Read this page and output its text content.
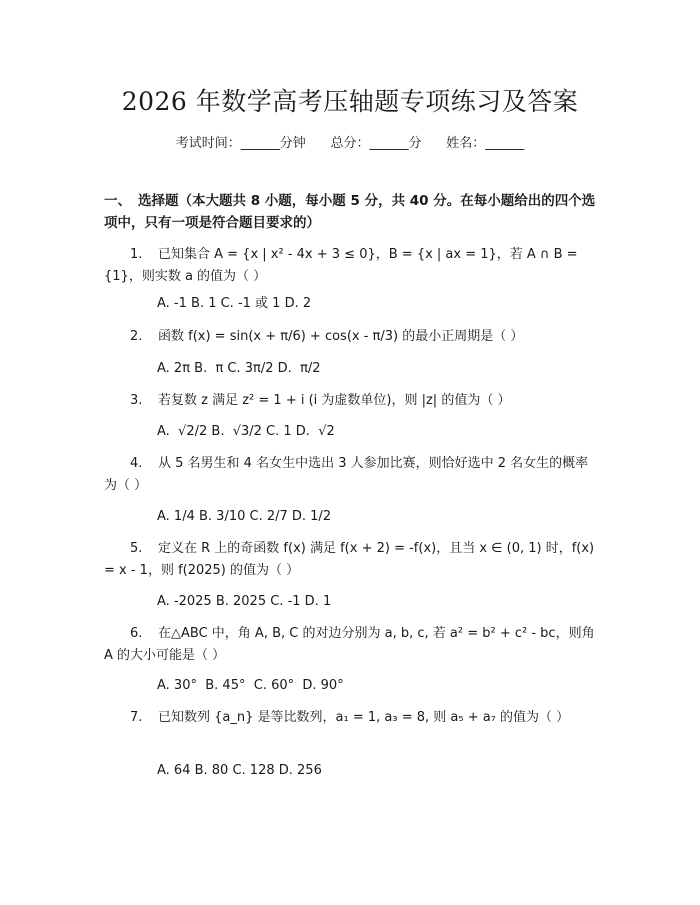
2026 年数学高考压轴题专项练习及答案
考试时间：______分钟      总分：______分      姓名：______
一、 选择题（本大题共 8 小题，每小题 5 分，共 40 分。在每小题给出的四个选项中，只有一项是符合题目要求的）
1. 已知集合 A = {x | x² - 4x + 3 ≤ 0}，B = {x | ax = 1}，若 A ∩ B = {1}，则实数 a 的值为（ ）
A. -1 B. 1 C. -1 或 1 D. 2
2. 函数 f(x) = sin(x + π/6) + cos(x - π/3) 的最小正周期是（ ）
A. 2π B.  π C. 3π/2 D.  π/2
3. 若复数 z 满足 z² = 1 + i (i 为虚数单位)，则 |z| 的值为（ ）
A.  √2/2 B.  √3/2 C. 1 D.  √2
4. 从 5 名男生和 4 名女生中选出 3 人参加比赛，则恰好选中 2 名女生的概率为（ ）
A. 1/4 B. 3/10 C. 2/7 D. 1/2
5. 定义在 R 上的奇函数 f(x) 满足 f(x + 2) = -f(x)，且当 x ∈ (0, 1) 时，f(x) = x - 1，则 f(2025) 的值为（ ）
A. -2025 B. 2025 C. -1 D. 1
6. 在△ABC 中，角 A, B, C 的对边分别为 a, b, c, 若 a² = b² + c² - bc，则角 A 的大小可能是（ ）
A. 30°  B. 45°  C. 60°  D. 90°
7. 已知数列 {a_n} 是等比数列，a₁ = 1, a₃ = 8, 则 a₅ + a₇ 的值为（ ）
A. 64 B. 80 C. 128 D. 256
